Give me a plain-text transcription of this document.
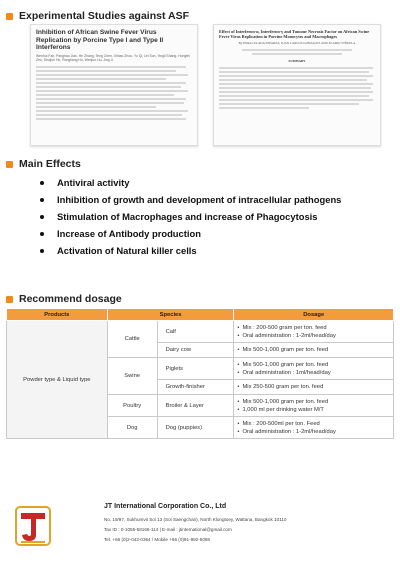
Experimental Studies against ASF
Inhibition of African Swine Fever Virus Replication by Porcine Type I and Type II Interferons
Wenhui Fan, Panghao Jiao, He Zhang, Teng Chen, Xintao Zhou, Yu Qi, Lei Sun, Yingli Shang, Hongfei Zhu, Shuijun Hu, Rongliang Hu, Wenjun Liu, Jing Li
Effect of Interferon-α, Interferon-γ and Tumour Necrosis Factor on African Swine Fever Virus Replication in Porcine Monocytes and Macrophages
By INMACULADA ESPARZA, JUAN CARLOS GONZALEZ AND ELADIO VIÑUELA
SUMMARY
Main Effects
Antiviral activity
Inhibition of growth and development of intracellular pathogens
Stimulation of Macrophages and increase of Phagocytosis
Increase of Antibody production
Activation of Natural killer cells
Recommend dosage
Products	Species		Dosage
Powder type & Liquid type	Cattle	Calf	• Mix : 200-500 gram per ton. feed
• Oral administration : 1-2ml/head/day

		Dairy cow	• Mix 500-1,000 gram per ton. feed

	Swine	Piglets	• Mix 500-1,000 gram per ton. feed
• Oral administration : 1ml/head/day

		Growth-finisher	• Mix 250-500 gram per ton. feed

	Poultry	Broiler & Layer	• Mix 500-1,000 gram per ton. feed
• 1,000 ml per drinking water M/T

	Dog	Dog (puppies)	• Mix : 200-500ml per ton. Feed
• Oral administration : 1-2ml/head/day
JT International Corporation Co., Ltd
No. 19/97, Sukhumvit Soi 13 (Soi Saengchan), North Klongtoey, Wattana, Bangkok 10110
Tax ID : 0-1055-58166-114 | E-mail : jtinternational@gmail.com
Tel. +66 (0)2-043-0364 / Mobile +66 (0)91-992-5068
